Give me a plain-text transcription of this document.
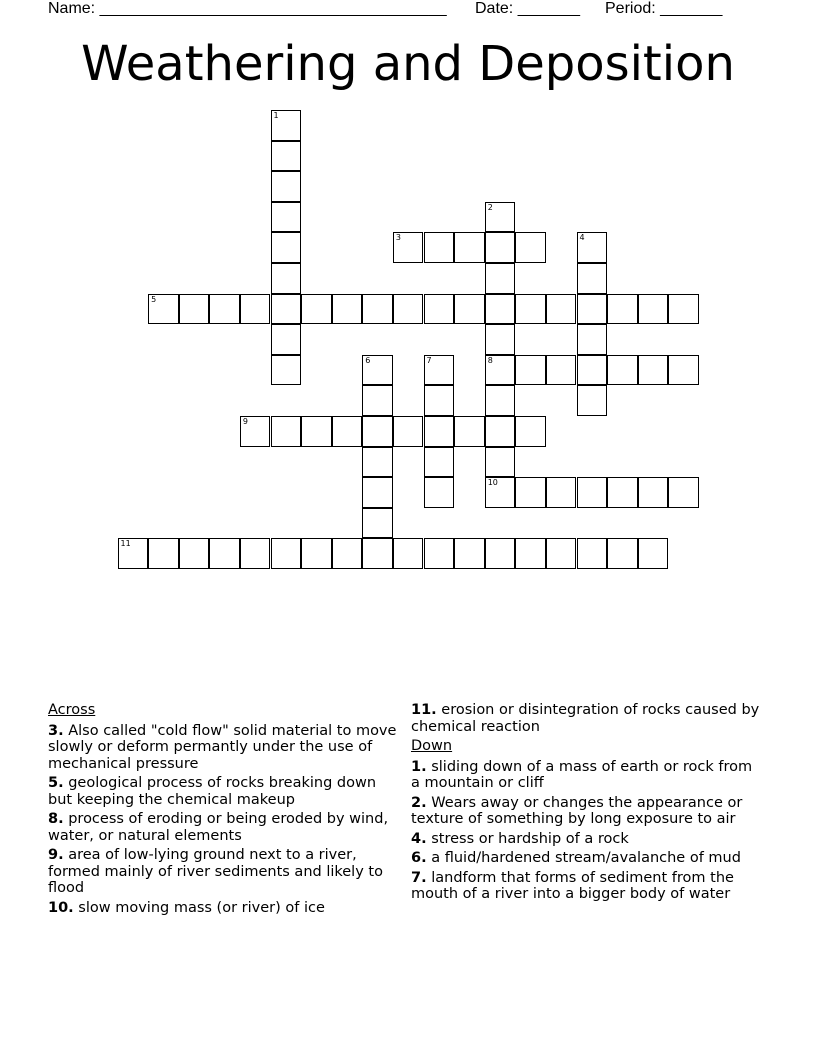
Name: _______________________________________ Date: _______ Period: _______
Weathering and Deposition
1
2
8
10
3	4
5
6	7
9
11
Across
3. Also called "cold flow" solid material to move slowly or deform permantly under the use of mechanical pressure
5. geological process of rocks breaking down but keeping the chemical makeup
8. process of eroding or being eroded by wind, water, or natural elements
9. area of low-lying ground next to a river, formed mainly of river sediments and likely to flood
10. slow moving mass (or river) of ice
11. erosion or disintegration of rocks caused by chemical reaction
Down
1. sliding down of a mass of earth or rock from a mountain or cliff
2. Wears away or changes the appearance or texture of something by long exposure to air
4. stress or hardship of a rock
6. a fluid/hardened stream/avalanche of mud
7. landform that forms of sediment from the mouth of a river into a bigger body of water
